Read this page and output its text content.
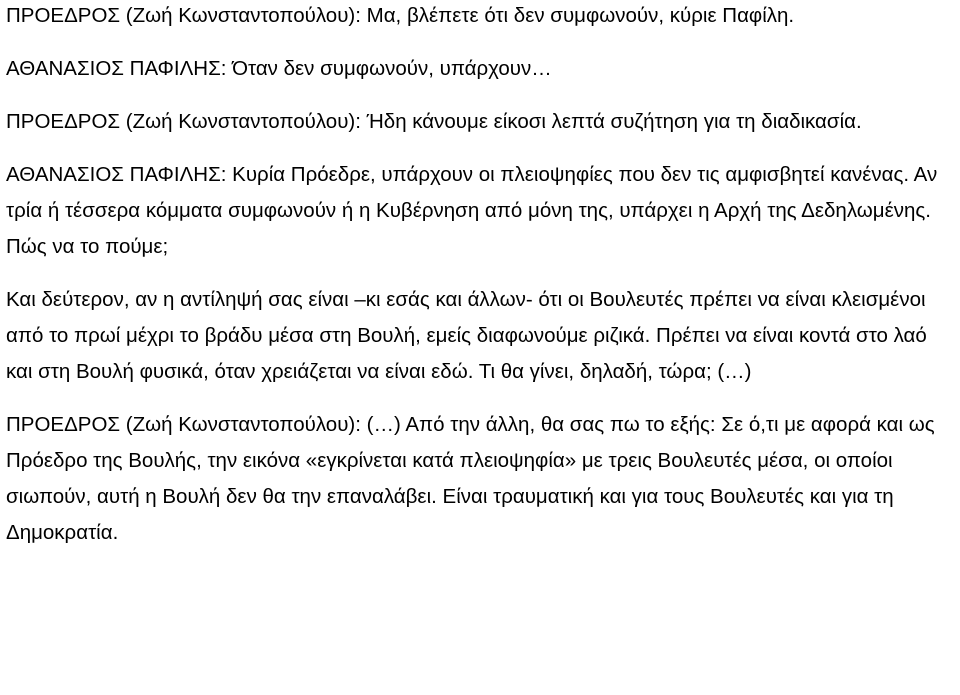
ΠΡΟΕΔΡΟΣ (Ζωή Κωνσταντοπούλου): Μα, βλέπετε ότι δεν συμφωνούν, κύριε Παφίλη.

ΑΘΑΝΑΣΙΟΣ ΠΑΦΙΛΗΣ: Όταν δεν συμφωνούν, υπάρχουν…

ΠΡΟΕΔΡΟΣ (Ζωή Κωνσταντοπούλου): Ήδη κάνουμε είκοσι λεπτά συζήτηση για τη διαδικασία.

ΑΘΑΝΑΣΙΟΣ ΠΑΦΙΛΗΣ: Κυρία Πρόεδρε, υπάρχουν οι πλειοψηφίες που δεν τις αμφισβητεί κανένας. Αν τρία ή τέσσερα κόμματα συμφωνούν ή η Κυβέρνηση από μόνη της, υπάρχει η Αρχή της Δεδηλωμένης. Πώς να το πούμε;

Και δεύτερον, αν η αντίληψή σας είναι –κι εσάς και άλλων- ότι οι Βουλευτές πρέπει να είναι κλεισμένοι από το πρωί μέχρι το βράδυ μέσα στη Βουλή, εμείς διαφωνούμε ριζικά. Πρέπει να είναι κοντά στο λαό και στη Βουλή φυσικά, όταν χρειάζεται να είναι εδώ. Τι θα γίνει, δηλαδή, τώρα; (…)

ΠΡΟΕΔΡΟΣ (Ζωή Κωνσταντοπούλου): (…) Από την άλλη, θα σας πω το εξής: Σε ό,τι με αφορά και ως Πρόεδρο της Βουλής, την εικόνα «εγκρίνεται κατά πλειοψηφία» με τρεις Βουλευτές μέσα, οι οποίοι σιωπούν, αυτή η Βουλή δεν θα την επαναλάβει. Είναι τραυματική και για τους Βουλευτές και για τη Δημοκρατία.
